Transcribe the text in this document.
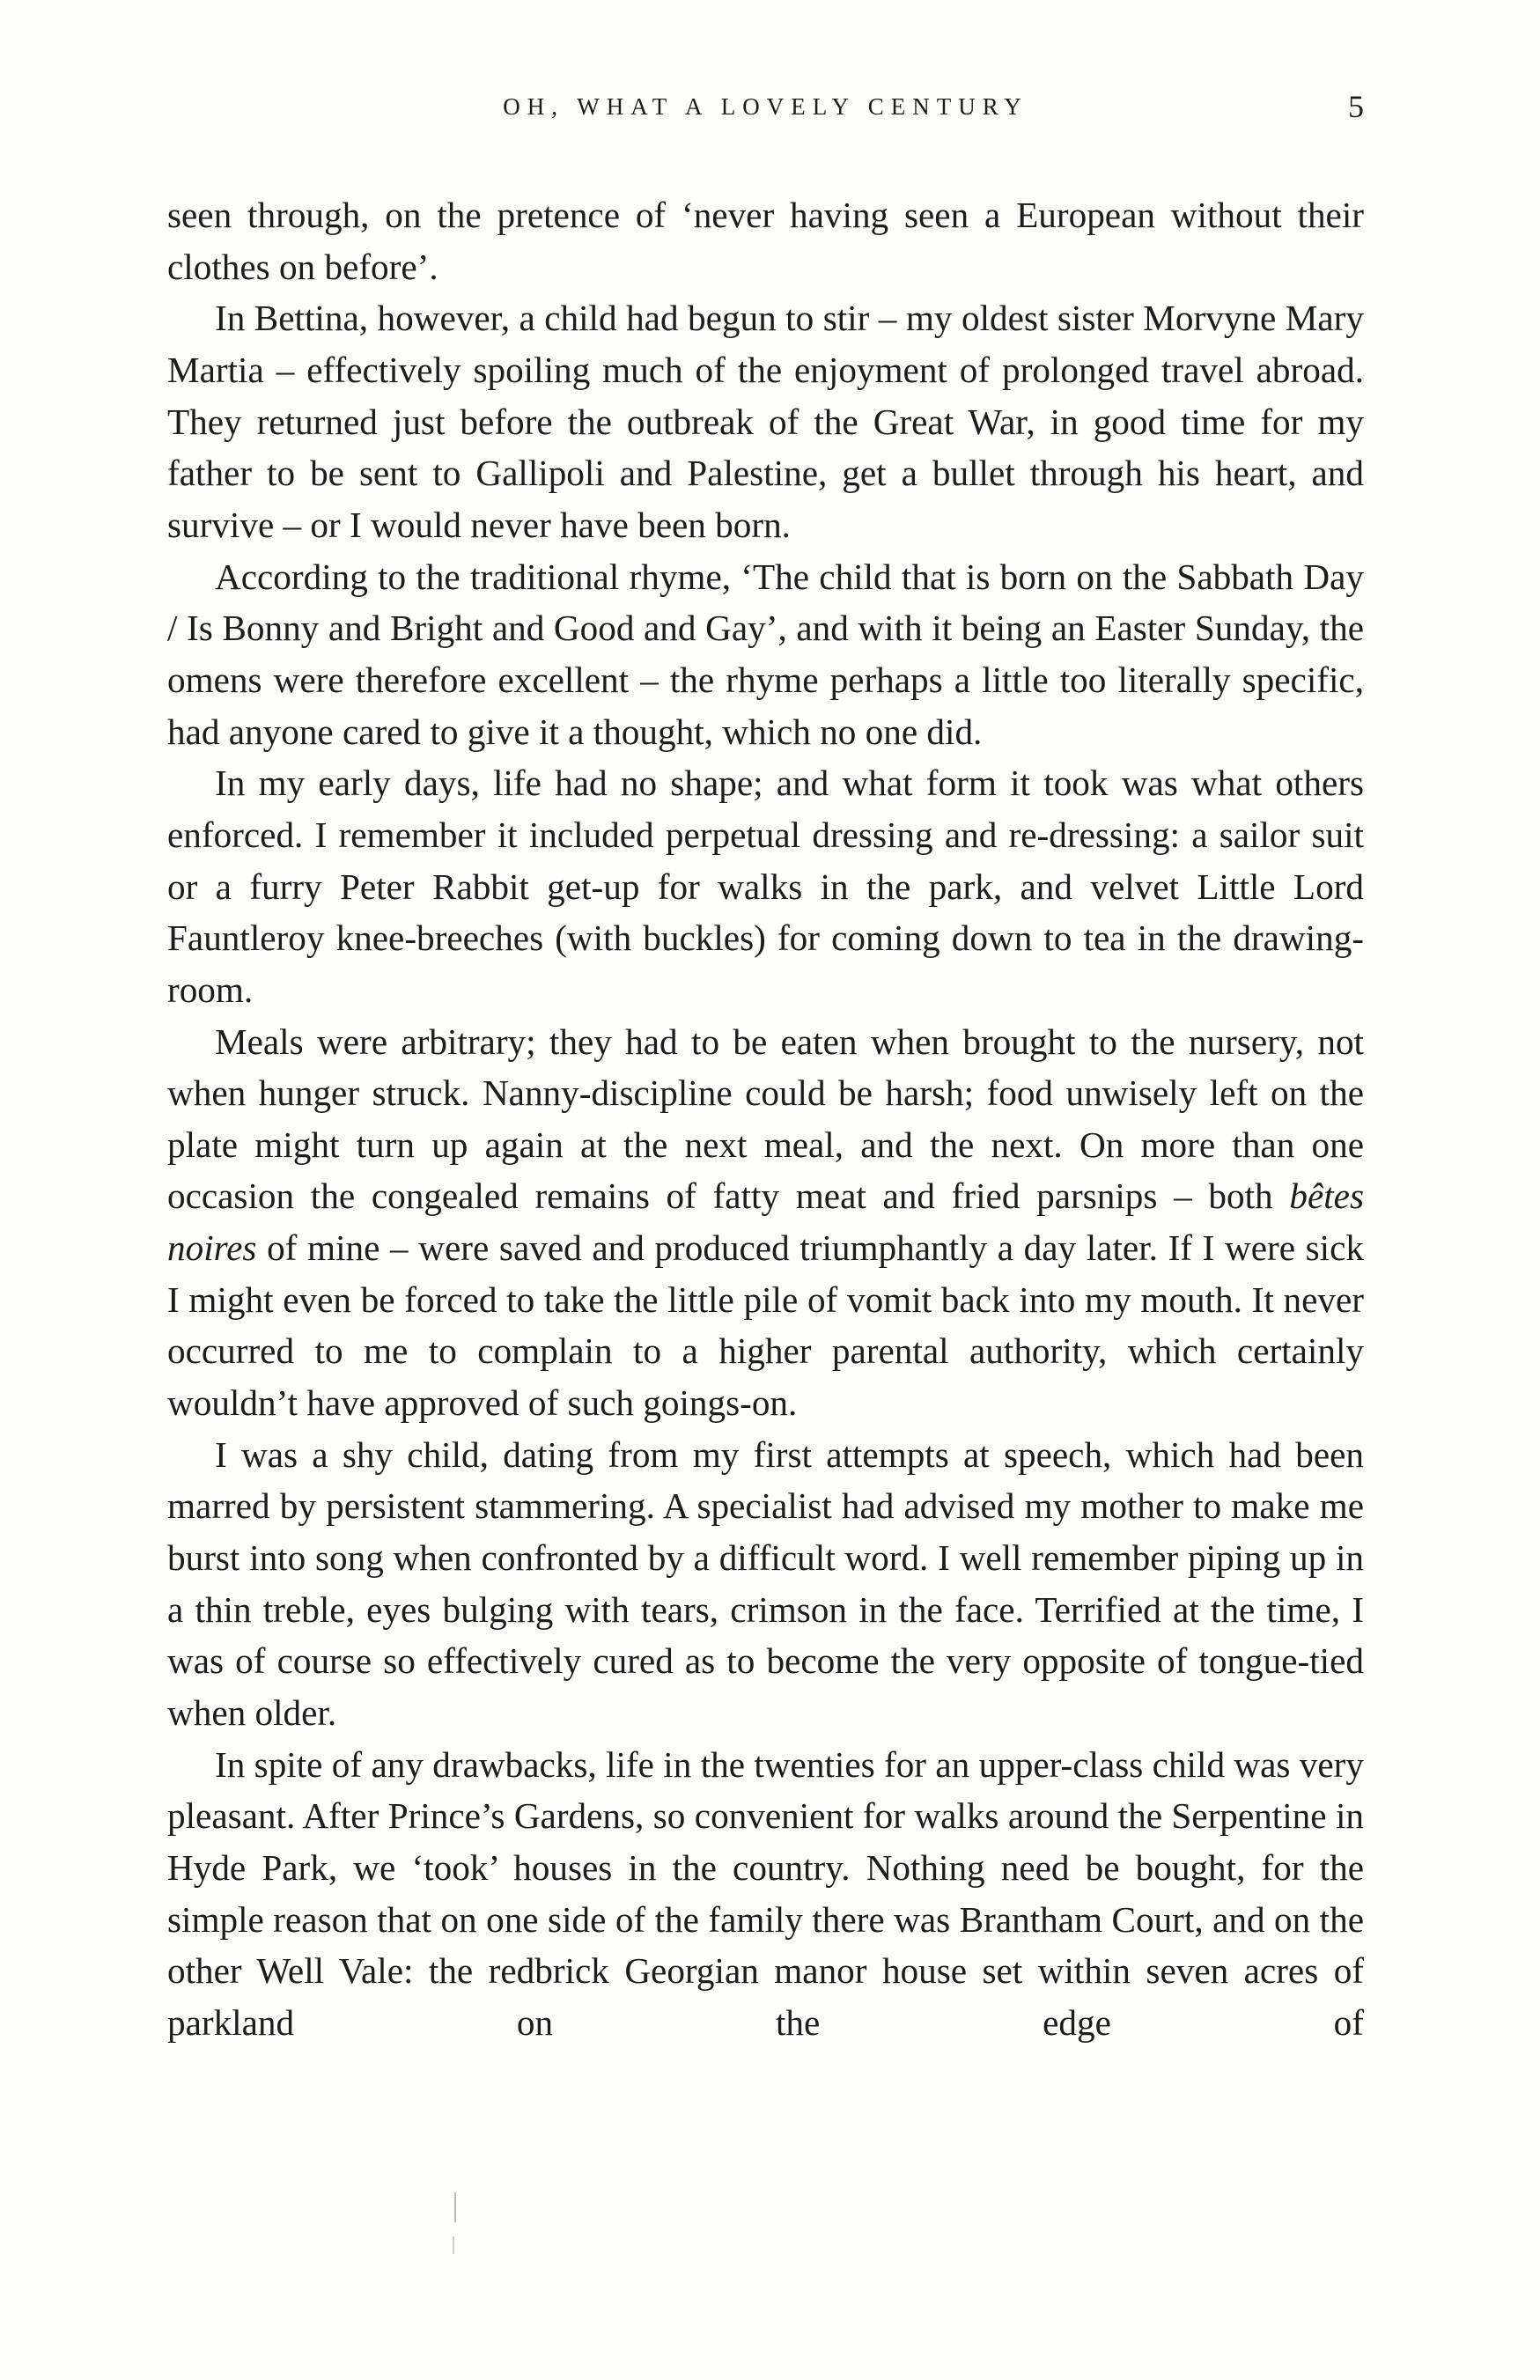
OH, WHAT A LOVELY CENTURY	5

seen through, on the pretence of ‘never having seen a European without their clothes on before’.

In Bettina, however, a child had begun to stir – my oldest sister Morvyne Mary Martia – effectively spoiling much of the enjoyment of prolonged travel abroad. They returned just before the outbreak of the Great War, in good time for my father to be sent to Gallipoli and Palestine, get a bullet through his heart, and survive – or I would never have been born.

According to the traditional rhyme, ‘The child that is born on the Sabbath Day / Is Bonny and Bright and Good and Gay’, and with it being an Easter Sunday, the omens were therefore excellent – the rhyme perhaps a little too literally specific, had anyone cared to give it a thought, which no one did.

In my early days, life had no shape; and what form it took was what others enforced. I remember it included perpetual dressing and re-dressing: a sailor suit or a furry Peter Rabbit get-up for walks in the park, and velvet Little Lord Fauntleroy knee-breeches (with buckles) for coming down to tea in the drawing-room.

Meals were arbitrary; they had to be eaten when brought to the nursery, not when hunger struck. Nanny-discipline could be harsh; food unwisely left on the plate might turn up again at the next meal, and the next. On more than one occasion the congealed remains of fatty meat and fried parsnips – both bêtes noires of mine – were saved and produced triumphantly a day later. If I were sick I might even be forced to take the little pile of vomit back into my mouth. It never occurred to me to complain to a higher parental authority, which certainly wouldn’t have approved of such goings-on.

I was a shy child, dating from my first attempts at speech, which had been marred by persistent stammering. A specialist had advised my mother to make me burst into song when confronted by a difficult word. I well remember piping up in a thin treble, eyes bulging with tears, crimson in the face. Terrified at the time, I was of course so effectively cured as to become the very opposite of tongue-tied when older.

In spite of any drawbacks, life in the twenties for an upper-class child was very pleasant. After Prince’s Gardens, so convenient for walks around the Serpentine in Hyde Park, we ‘took’ houses in the country. Nothing need be bought, for the simple reason that on one side of the family there was Brantham Court, and on the other Well Vale: the redbrick Georgian manor house set within seven acres of parkland on the edge of
